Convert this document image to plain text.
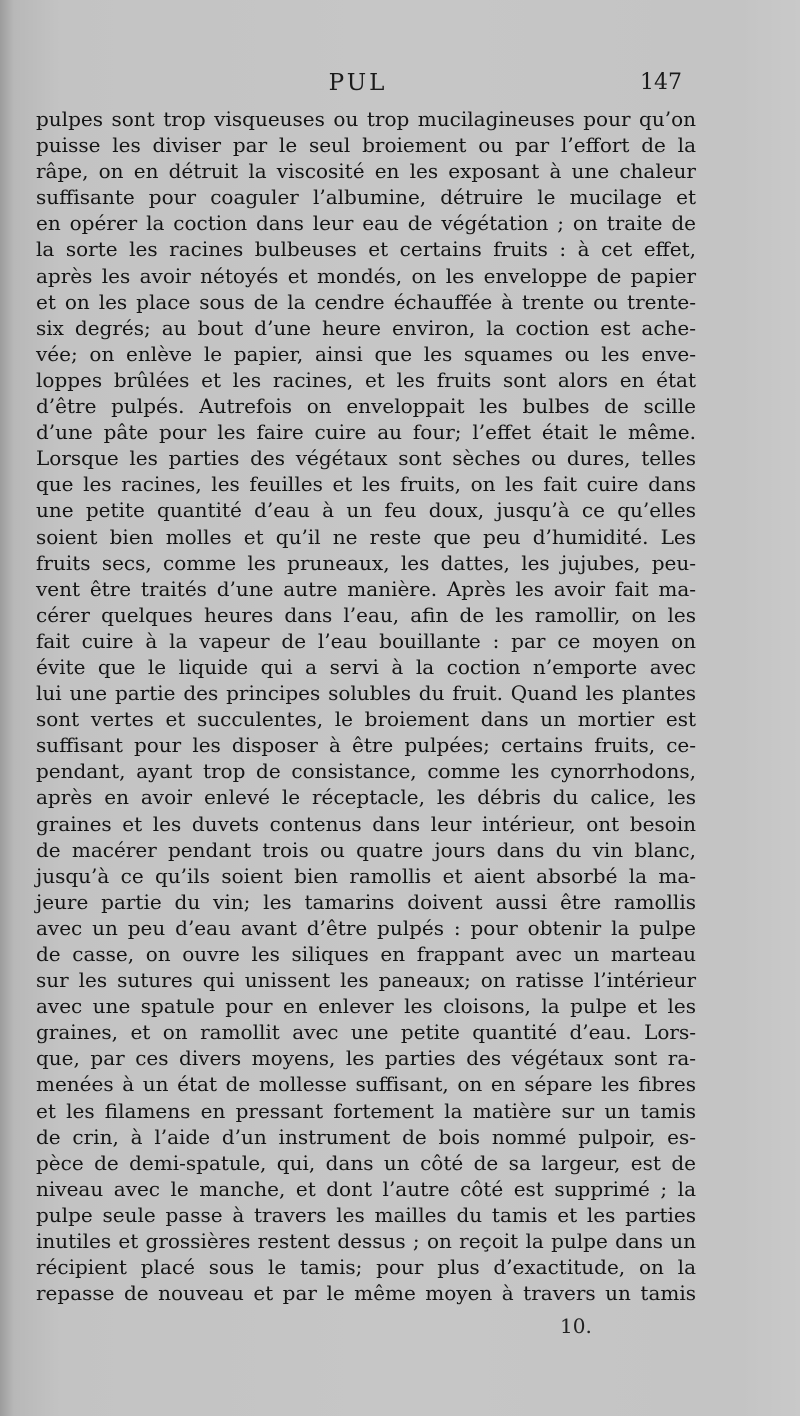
PUL	147
pulpes sont trop visqueuses ou trop mucilagineuses pour qu’on
puisse les diviser par le seul broiement ou par l’effort de la
râpe, on en détruit la viscosité en les exposant à une chaleur
suffisante pour coaguler l’albumine, détruire le mucilage et
en opérer la coction dans leur eau de végétation ; on traite de
la sorte les racines bulbeuses et certains fruits : à cet effet,
après les avoir nétoyés et mondés, on les enveloppe de papier
et on les place sous de la cendre échauffée à trente ou trente-
six degrés; au bout d’une heure environ, la coction est ache-
vée; on enlève le papier, ainsi que les squames ou les enve-
loppes brûlées et les racines, et les fruits sont alors en état
d’être pulpés. Autrefois on enveloppait les bulbes de scille
d’une pâte pour les faire cuire au four; l’effet était le même.
Lorsque les parties des végétaux sont sèches ou dures, telles
que les racines, les feuilles et les fruits, on les fait cuire dans
une petite quantité d’eau à un feu doux, jusqu’à ce qu’elles
soient bien molles et qu’il ne reste que peu d’humidité. Les
fruits secs, comme les pruneaux, les dattes, les jujubes, peu-
vent être traités d’une autre manière. Après les avoir fait ma-
cérer quelques heures dans l’eau, afin de les ramollir, on les
fait cuire à la vapeur de l’eau bouillante : par ce moyen on
évite que le liquide qui a servi à la coction n’emporte avec
lui une partie des principes solubles du fruit. Quand les plantes
sont vertes et succulentes, le broiement dans un mortier est
suffisant pour les disposer à être pulpées; certains fruits, ce-
pendant, ayant trop de consistance, comme les cynorrhodons,
après en avoir enlevé le réceptacle, les débris du calice, les
graines et les duvets contenus dans leur intérieur, ont besoin
de macérer pendant trois ou quatre jours dans du vin blanc,
jusqu’à ce qu’ils soient bien ramollis et aient absorbé la ma-
jeure partie du vin; les tamarins doivent aussi être ramollis
avec un peu d’eau avant d’être pulpés : pour obtenir la pulpe
de casse, on ouvre les siliques en frappant avec un marteau
sur les sutures qui unissent les paneaux; on ratisse l’intérieur
avec une spatule pour en enlever les cloisons, la pulpe et les
graines, et on ramollit avec une petite quantité d’eau. Lors-
que, par ces divers moyens, les parties des végétaux sont ra-
menées à un état de mollesse suffisant, on en sépare les fibres
et les filamens en pressant fortement la matière sur un tamis
de crin, à l’aide d’un instrument de bois nommé pulpoir, es-
pèce de demi-spatule, qui, dans un côté de sa largeur, est de
niveau avec le manche, et dont l’autre côté est supprimé ; la
pulpe seule passe à travers les mailles du tamis et les parties
inutiles et grossières restent dessus ; on reçoit la pulpe dans un
récipient placé sous le tamis; pour plus d’exactitude, on la
repasse de nouveau et par le même moyen à travers un tamis
10.
